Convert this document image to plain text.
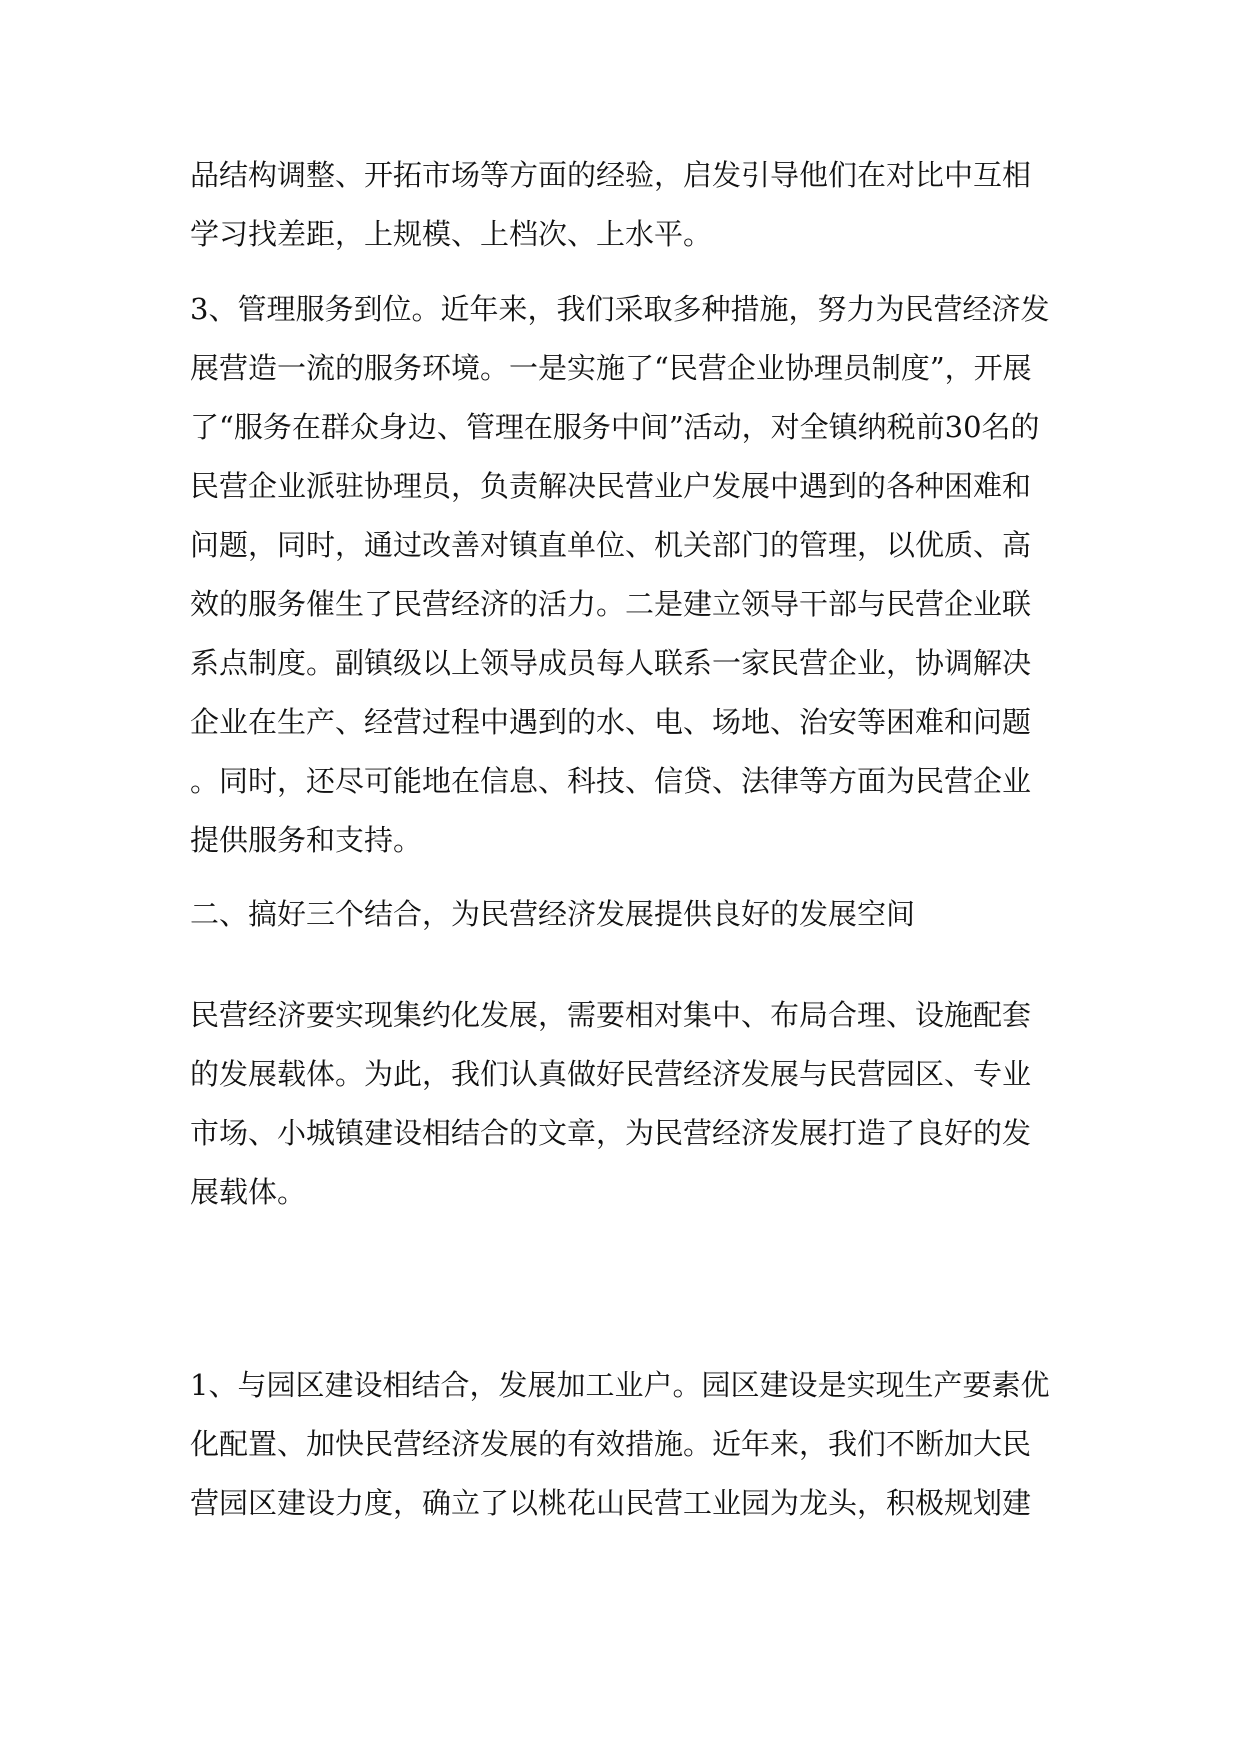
品结构调整、开拓市场等方面的经验，启发引导他们在对比中互相
学习找差距，上规模、上档次、上水平。
3、管理服务到位。近年来，我们采取多种措施，努力为民营经济发
展营造一流的服务环境。一是实施了“民营企业协理员制度”，开展
了“服务在群众身边、管理在服务中间”活动，对全镇纳税前30名的
民营企业派驻协理员，负责解决民营业户发展中遇到的各种困难和
问题，同时，通过改善对镇直单位、机关部门的管理，以优质、高
效的服务催生了民营经济的活力。二是建立领导干部与民营企业联
系点制度。副镇级以上领导成员每人联系一家民营企业，协调解决
企业在生产、经营过程中遇到的水、电、场地、治安等困难和问题
。同时，还尽可能地在信息、科技、信贷、法律等方面为民营企业
提供服务和支持。
二、搞好三个结合，为民营经济发展提供良好的发展空间
民营经济要实现集约化发展，需要相对集中、布局合理、设施配套
的发展载体。为此，我们认真做好民营经济发展与民营园区、专业
市场、小城镇建设相结合的文章，为民营经济发展打造了良好的发
展载体。
1、与园区建设相结合，发展加工业户。园区建设是实现生产要素优
化配置、加快民营经济发展的有效措施。近年来，我们不断加大民
营园区建设力度，确立了以桃花山民营工业园为龙头，积极规划建
